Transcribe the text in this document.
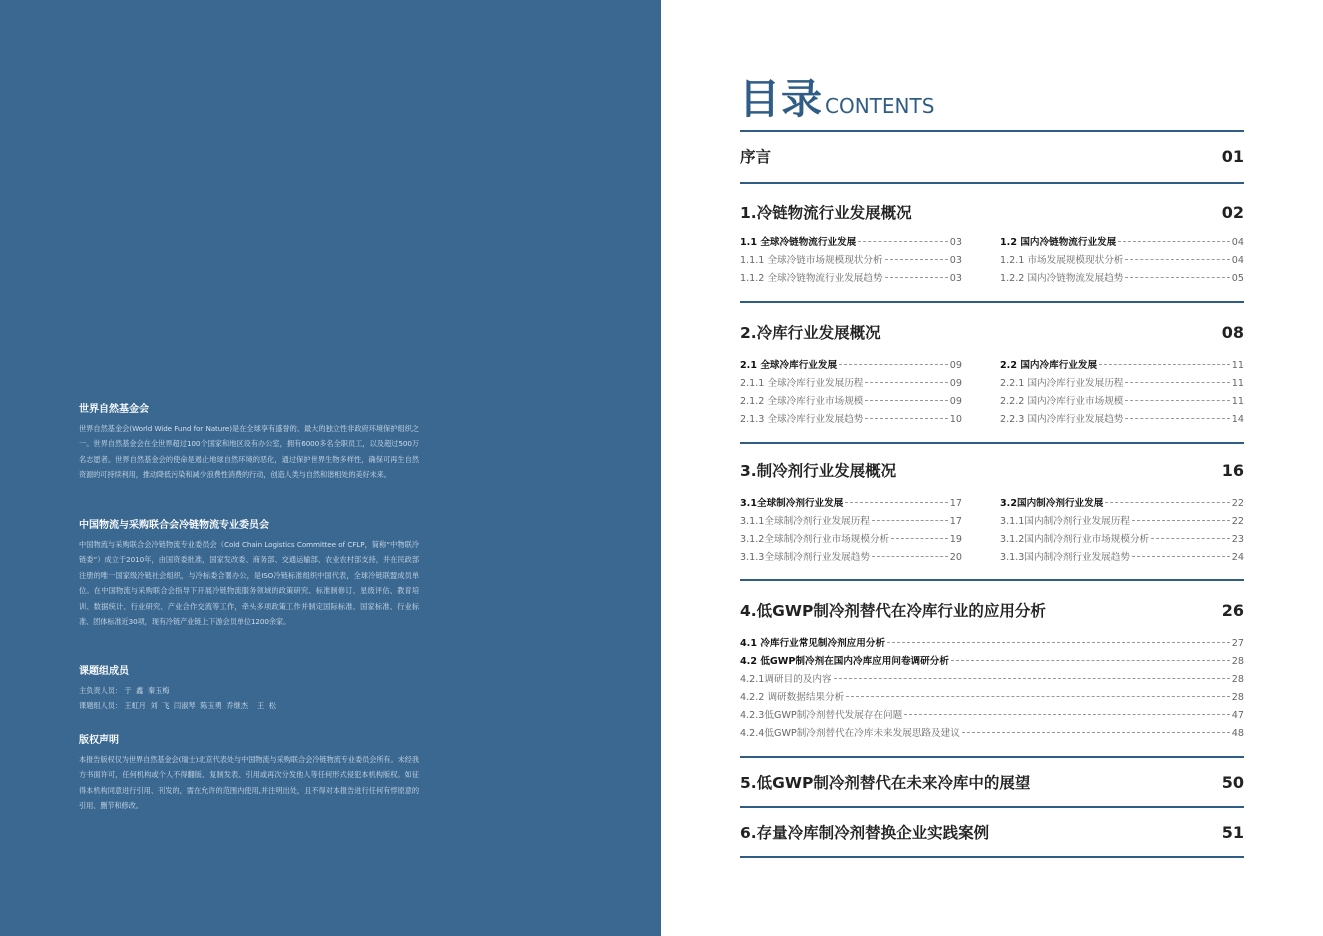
世界自然基金会
世界自然基金会(World Wide Fund for Nature)是在全球享有盛誉的、最大的独立性非政府环境保护组织之一。世界自然基金会在全世界超过100个国家和地区设有办公室，拥有6000多名全职员工，以及超过500万名志愿者。世界自然基金会的使命是遏止地球自然环境的恶化，通过保护世界生物多样性，确保可再生自然资源的可持续利用，推动降低污染和减少浪费性消费的行动，创造人类与自然和谐相处的美好未来。
中国物流与采购联合会冷链物流专业委员会
中国物流与采购联合会冷链物流专业委员会（Cold Chain Logistics Committee of CFLP，简称“中物联冷链委”）成立于2010年，由国资委批准，国家发改委、商务部、交通运输部、农业农村部支持，并在民政部注册的唯一国家级冷链社会组织，与冷标委合署办公，是ISO冷链标准组织中国代表，全球冷链联盟成员单位。在中国物流与采购联合会指导下开展冷链物流服务领域的政策研究、标准制修订、星级评估、教育培训、数据统计、行业研究、产业合作交流等工作，牵头多项政策工作并制定国际标准、国家标准、行业标准、团体标准近30项，现有冷链产业链上下游会员单位1200余家。
课题组成员
主负责人员： 于  鑫  秦玉梅
课题组人员： 王虹月  刘  飞  闫淑琴  陈玉勇  乔继杰    王  松
版权声明
本报告版权仅为世界自然基金会(瑞士)北京代表处与中国物流与采购联合会冷链物流专业委员会所有。未经我方书面许可，任何机构或个人不得翻版、复制发表、引用或再次分发他人等任何形式侵犯本机构版权。如征得本机构同意进行引用、刊发的，需在允许的范围内使用,并注明出处，且不得对本报告进行任何有悖原意的引用、删节和修改。
目录 CONTENTS
序言	01
1.冷链物流行业发展概况	02
1.1 全球冷链物流行业发展	03
1.1.1 全球冷链市场规模现状分析	03
1.1.2 全球冷链物流行业发展趋势	03
1.2 国内冷链物流行业发展	04
1.2.1 市场发展规模现状分析	04
1.2.2 国内冷链物流发展趋势	05
2.冷库行业发展概况	08
2.1 全球冷库行业发展	09
2.1.1 全球冷库行业发展历程	09
2.1.2 全球冷库行业市场规模	09
2.1.3 全球冷库行业发展趋势	10
2.2 国内冷库行业发展	11
2.2.1 国内冷库行业发展历程	11
2.2.2 国内冷库行业市场规模	11
2.2.3 国内冷库行业发展趋势	14
3.制冷剂行业发展概况	16
3.1全球制冷剂行业发展	17
3.1.1全球制冷剂行业发展历程	17
3.1.2全球制冷剂行业市场规模分析	19
3.1.3全球制冷剂行业发展趋势	20
3.2国内制冷剂行业发展	22
3.1.1国内制冷剂行业发展历程	22
3.1.2国内制冷剂行业市场规模分析	23
3.1.3国内制冷剂行业发展趋势	24
4.低GWP制冷剂替代在冷库行业的应用分析	26
4.1 冷库行业常见制冷剂应用分析	27
4.2 低GWP制冷剂在国内冷库应用问卷调研分析	28
4.2.1调研目的及内容	28
4.2.2 调研数据结果分析	28
4.2.3低GWP制冷剂替代发展存在问题	47
4.2.4低GWP制冷剂替代在冷库未来发展思路及建议	48
5.低GWP制冷剂替代在未来冷库中的展望	50
6.存量冷库制冷剂替换企业实践案例	51
